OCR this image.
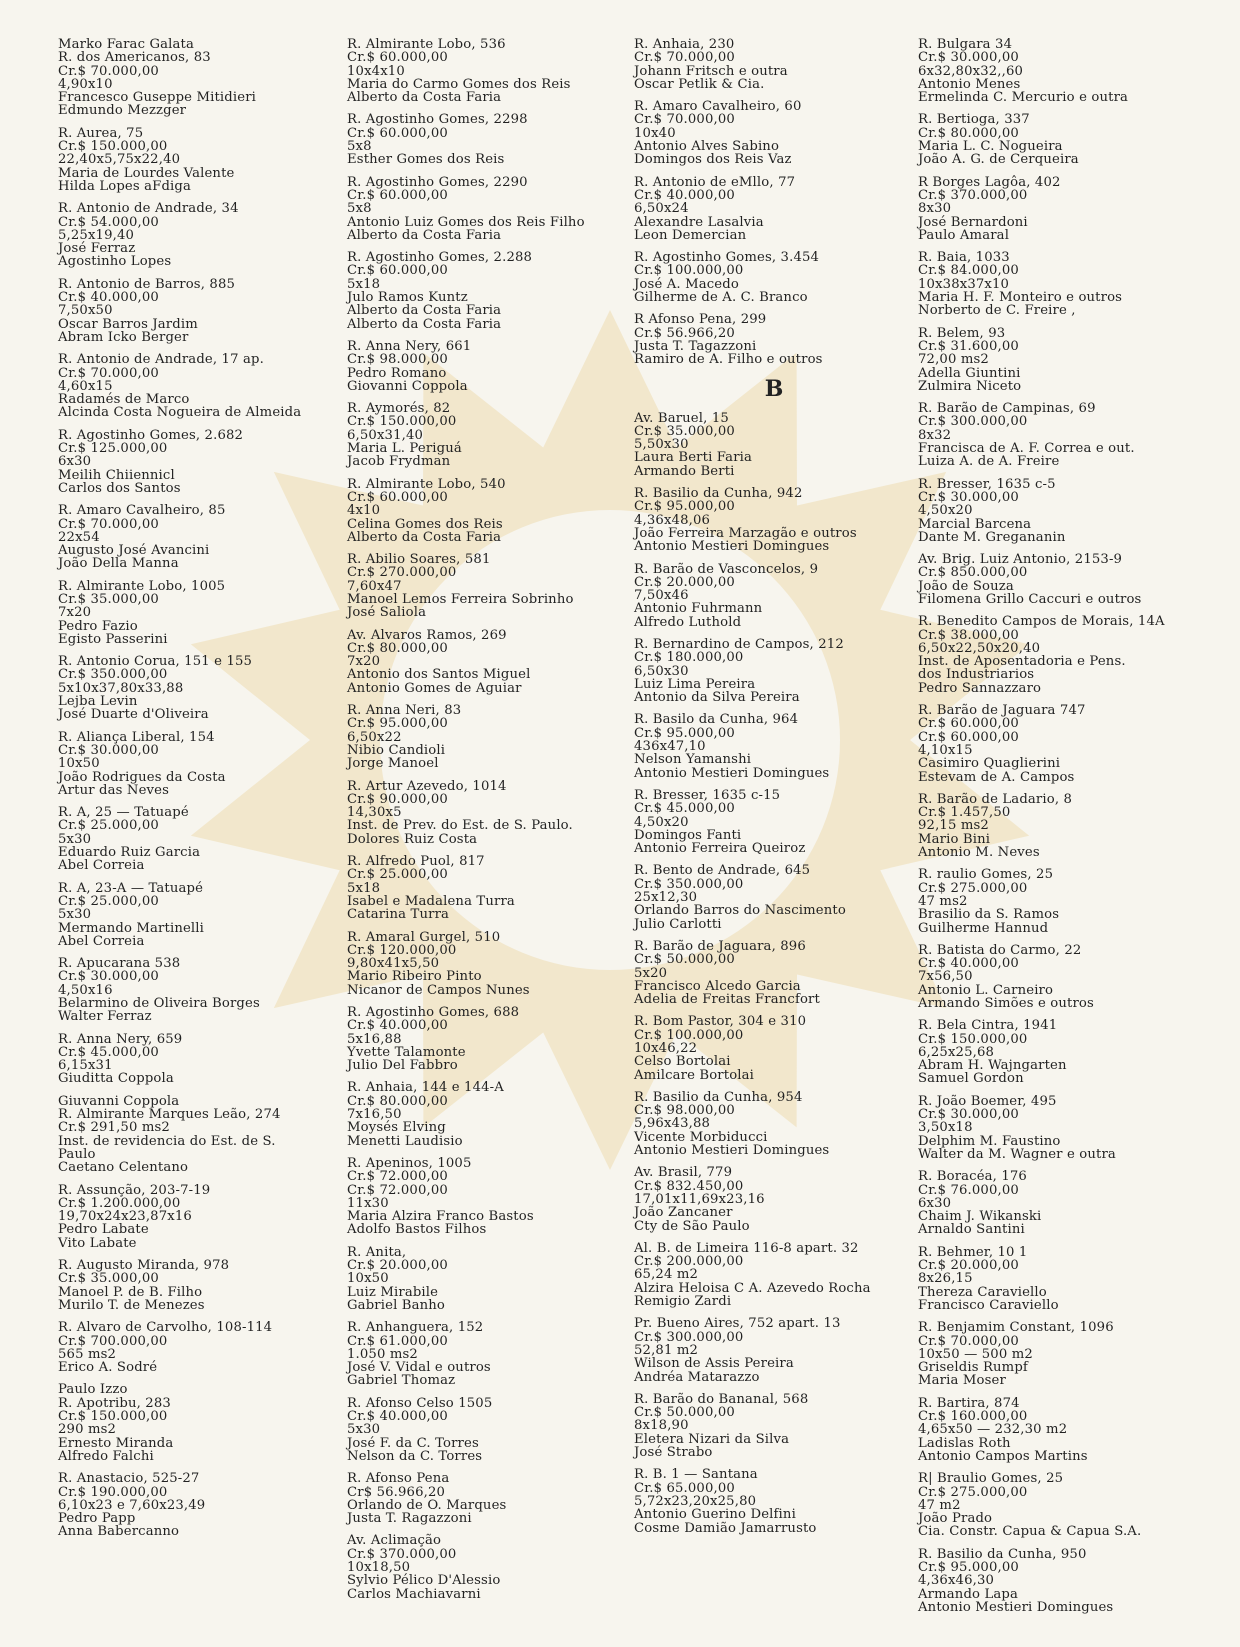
Marko Farac Galata
R. dos Americanos, 83
Cr.$ 70.000,00
4,90x10
Francesco Guseppe Mitidieri
Edmundo Mezzger
R. Aurea, 75
Cr.$ 150.000,00
22,40x5,75x22,40
Maria de Lourdes Valente
Hilda Lopes aFdiga
R. Antonio de Andrade, 34
Cr.$ 54.000,00
5,25x19,40
José Ferraz
Agostinho Lopes
R. Antonio de Barros, 885
Cr.$ 40.000,00
7,50x50
Oscar Barros Jardim
Abram Icko Berger
R. Antonio de Andrade, 17 ap.
Cr.$ 70.000,00
4,60x15
Radamés de Marco
Alcinda Costa Nogueira de Almeida
R. Agostinho Gomes, 2.682
Cr.$ 125.000,00
6x30
Meilih Chiiennicl
Carlos dos Santos
R. Amaro Cavalheiro, 85
Cr.$ 70.000,00
22x54
Augusto José Avancini
João Della Manna
R. Almirante Lobo, 1005
Cr.$ 35.000,00
7x20
Pedro Fazio
Egisto Passerini
R. Antonio Corua, 151 e 155
Cr.$ 350.000,00
5x10x37,80x33,88
Lejba Levin
José Duarte d'Oliveira
R. Aliança Liberal, 154
Cr.$ 30.000,00
10x50
João Rodrigues da Costa
Artur das Neves
R. A, 25 — Tatuapé
Cr.$ 25.000,00
5x30
Eduardo Ruiz Garcia
Abel Correia
R. A, 23-A — Tatuapé
Cr.$ 25.000,00
5x30
Mermando Martinelli
Abel Correia
R. Apucarana 538
Cr.$ 30.000,00
4,50x16
Belarmino de Oliveira Borges
Walter Ferraz
R. Anna Nery, 659
Cr.$ 45.000,00
6,15x31
Giuditta Coppola
Giuvanni Coppola
R. Almirante Marques Leão, 274
Cr.$ 291,50 ms2
Inst. de revidencia do Est. de S.
Paulo
Caetano Celentano
R. Assunção, 203-7-19
Cr.$ 1.200.000,00
19,70x24x23,87x16
Pedro Labate
Vito Labate
R. Augusto Miranda, 978
Cr.$ 35.000,00
Manoel P. de B. Filho
Murilo T. de Menezes
R. Alvaro de Carvolho, 108-114
Cr.$ 700.000,00
565 ms2
Erico A. Sodré
Paulo Izzo
R. Apotribu, 283
Cr.$ 150.000,00
290 ms2
Ernesto Miranda
Alfredo Falchi
R. Anastacio, 525-27
Cr.$ 190.000,00
6,10x23 e 7,60x23,49
Pedro Papp
Anna Babercanno
R. Almirante Lobo, 536
Cr.$ 60.000,00
10x4x10
Maria do Carmo Gomes dos Reis
Alberto da Costa Faria
R. Agostinho Gomes, 2298
Cr.$ 60.000,00
5x8
Esther Gomes dos Reis
R. Agostinho Gomes, 2290
Cr.$ 60.000,00
5x8
Antonio Luiz Gomes dos Reis Filho
Alberto da Costa Faria
R. Agostinho Gomes, 2.288
Cr.$ 60.000,00
5x18
Julo Ramos Kuntz
Alberto da Costa Faria
Alberto da Costa Faria
R. Anna Nery, 661
Cr.$ 98.000,00
Pedro Romano
Giovanni Coppola
R. Aymorés, 82
Cr.$ 150.000,00
6,50x31,40
Maria L. Periguá
Jacob Frydman
R. Almirante Lobo, 540
Cr.$ 60.000,00
4x10
Celina Gomes dos Reis
Alberto da Costa Faria
R. Abilio Soares, 581
Cr.$ 270.000,00
7,60x47
Manoel Lemos Ferreira Sobrinho
José Saliola
Av. Alvaros Ramos, 269
Cr.$ 80.000,00
7x20
Antonio dos Santos Miguel
Antonio Gomes de Aguiar
R. Anna Neri, 83
Cr.$ 95.000,00
6,50x22
Nibio Candioli
Jorge Manoel
R. Artur Azevedo, 1014
Cr.$ 90.000,00
14,30x5
Inst. de Prev. do Est. de S. Paulo.
Dolores Ruiz Costa
R. Alfredo Puol, 817
Cr.$ 25.000,00
5x18
Isabel e Madalena Turra
Catarina Turra
R. Amaral Gurgel, 510
Cr.$ 120.000,00
9,80x41x5,50
Mario Ribeiro Pinto
Nicanor de Campos Nunes
R. Agostinho Gomes, 688
Cr.$ 40.000,00
5x16,88
Yvette Talamonte
Julio Del Fabbro
R. Anhaia, 144 e 144-A
Cr.$ 80.000,00
7x16,50
Moysés Elving
Menetti Laudisio
R. Apeninos, 1005
Cr.$ 72.000,00
Cr.$ 72.000,00
11x30
Maria Alzira Franco Bastos
Adolfo Bastos Filhos
R. Anita,
Cr.$ 20.000,00
10x50
Luiz Mirabile
Gabriel Banho
R. Anhanguera, 152
Cr.$ 61.000,00
1.050 ms2
José V. Vidal e outros
Gabriel Thomaz
R. Afonso Celso 1505
Cr.$ 40.000,00
5x30
José F. da C. Torres
Nelson da C. Torres
R. Afonso Pena
Cr$ 56.966,20
Orlando de O. Marques
Justa T. Ragazzoni
Av. Aclimação
Cr.$ 370.000,00
10x18,50
Sylvio Pélico D'Alessio
Carlos Machiavarni
R. Anhaia, 230
Cr.$ 70.000,00
Johann Fritsch e outra
Oscar Petlik & Cia.
R. Amaro Cavalheiro, 60
Cr.$ 70.000,00
10x40
Antonio Alves Sabino
Domingos dos Reis Vaz
R. Antonio de eMllo, 77
Cr.$ 40.000,00
6,50x24
Alexandre Lasalvia
Leon Demercian
R. Agostinho Gomes, 3.454
Cr.$ 100.000,00
José A. Macedo
Gilherme de A. C. Branco
R Afonso Pena, 299
Cr.$ 56.966,20
Justa T. Tagazzoni
Ramiro de A. Filho e outros
B
Av. Baruel, 15
Cr.$ 35.000,00
5,50x30
Laura Berti Faria
Armando Berti
R. Basilio da Cunha, 942
Cr.$ 95.000,00
4,36x48,06
João Ferreira Marzagão e outros
Antonio Mestieri Domingues
R. Barão de Vasconcelos, 9
Cr.$ 20.000,00
7,50x46
Antonio Fuhrmann
Alfredo Luthold
R. Bernardino de Campos, 212
Cr.$ 180.000,00
6,50x30
Luiz Lima Pereira
Antonio da Silva Pereira
R. Basilo da Cunha, 964
Cr.$ 95.000,00
436x47,10
Nelson Yamanshi
Antonio Mestieri Domingues
R. Bresser, 1635 c-15
Cr.$ 45.000,00
4,50x20
Domingos Fanti
Antonio Ferreira Queiroz
R. Bento de Andrade, 645
Cr.$ 350.000,00
25x12,30
Orlando Barros do Nascimento
Julio Carlotti
R. Barão de Jaguara, 896
Cr.$ 50.000,00
5x20
Francisco Alcedo Garcia
Adelia de Freitas Francfort
R. Bom Pastor, 304 e 310
Cr.$ 100.000,00
10x46,22
Celso Bortolai
Amilcare Bortolai
R. Basilio da Cunha, 954
Cr.$ 98.000,00
5,96x43,88
Vicente Morbiducci
Antonio Mestieri Domingues
Av. Brasil, 779
Cr.$ 832.450,00
17,01x11,69x23,16
João Zancaner
Cty de São Paulo
Al. B. de Limeira 116-8 apart. 32
Cr.$ 200.000,00
65,24 m2
Alzira Heloisa C A. Azevedo Rocha
Remigio Zardi
Pr. Bueno Aires, 752 apart. 13
Cr.$ 300.000,00
52,81 m2
Wilson de Assis Pereira
Andréa Matarazzo
R. Barão do Bananal, 568
Cr.$ 50.000,00
8x18,90
Eletera Nizari da Silva
José Strabo
R. B. 1 — Santana
Cr.$ 65.000,00
5,72x23,20x25,80
Antonio Guerino Delfini
Cosme Damião Jamarrusto
R. Bulgara 34
Cr.$ 30.000,00
6x32,80x32,,60
Antonio Menes
Ermelinda C. Mercurio e outra
R. Bertioga, 337
Cr.$ 80.000,00
Maria L. C. Nogueira
João A. G. de Cerqueira
R Borges Lagôa, 402
Cr.$ 370.000,00
8x30
José Bernardoni
Paulo Amaral
R. Baia, 1033
Cr.$ 84.000,00
10x38x37x10
Maria H. F. Monteiro e outros
Norberto de C. Freire ,
R. Belem, 93
Cr.$ 31.600,00
72,00 ms2
Adella Giuntini
Zulmira Niceto
R. Barão de Campinas, 69
Cr.$ 300.000,00
8x32
Francisca de A. F. Correa e out.
Luiza A. de A. Freire
R. Bresser, 1635 c-5
Cr.$ 30.000,00
4,50x20
Marcial Barcena
Dante M. Gregananin
Av. Brig. Luiz Antonio, 2153-9
Cr.$ 850.000,00
João de Souza
Filomena Grillo Caccuri e outros
R. Benedito Campos de Morais, 14A
Cr.$ 38.000,00
6,50x22,50x20,40
Inst. de Aposentadoria e Pens.
dos Industriarios
Pedro Sannazzaro
R. Barão de Jaguara 747
Cr.$ 60.000,00
Cr.$ 60.000,00
4,10x15
Casimiro Quaglierini
Estevam de A. Campos
R. Barão de Ladario, 8
Cr.$ 1.457,50
92,15 ms2
Mario Bini
Antonio M. Neves
R. raulio Gomes, 25
Cr.$ 275.000,00
47 ms2
Brasilio da S. Ramos
Guilherme Hannud
R. Batista do Carmo, 22
Cr.$ 40.000,00
7x56,50
Antonio L. Carneiro
Armando Simões e outros
R. Bela Cintra, 1941
Cr.$ 150.000,00
6,25x25,68
Abram H. Wajngarten
Samuel Gordon
R. João Boemer, 495
Cr.$ 30.000,00
3,50x18
Delphim M. Faustino
Walter da M. Wagner e outra
R. Boracéa, 176
Cr.$ 76.000,00
6x30
Chaim J. Wikanski
Arnaldo Santini
R. Behmer, 10 1
Cr.$ 20.000,00
8x26,15
Thereza Caraviello
Francisco Caraviello
R. Benjamim Constant, 1096
Cr.$ 70.000,00
10x50 — 500 m2
Griseldis Rumpf
Maria Moser
R. Bartira, 874
Cr.$ 160.000,00
4,65x50 — 232,30 m2
Ladislas Roth
Antonio Campos Martins
R| Braulio Gomes, 25
Cr.$ 275.000,00
47 m2
João Prado
Cia. Constr. Capua & Capua S.A.
R. Basilio da Cunha, 950
Cr.$ 95.000,00
4,36x46,30
Armando Lapa
Antonio Mestieri Domingues
